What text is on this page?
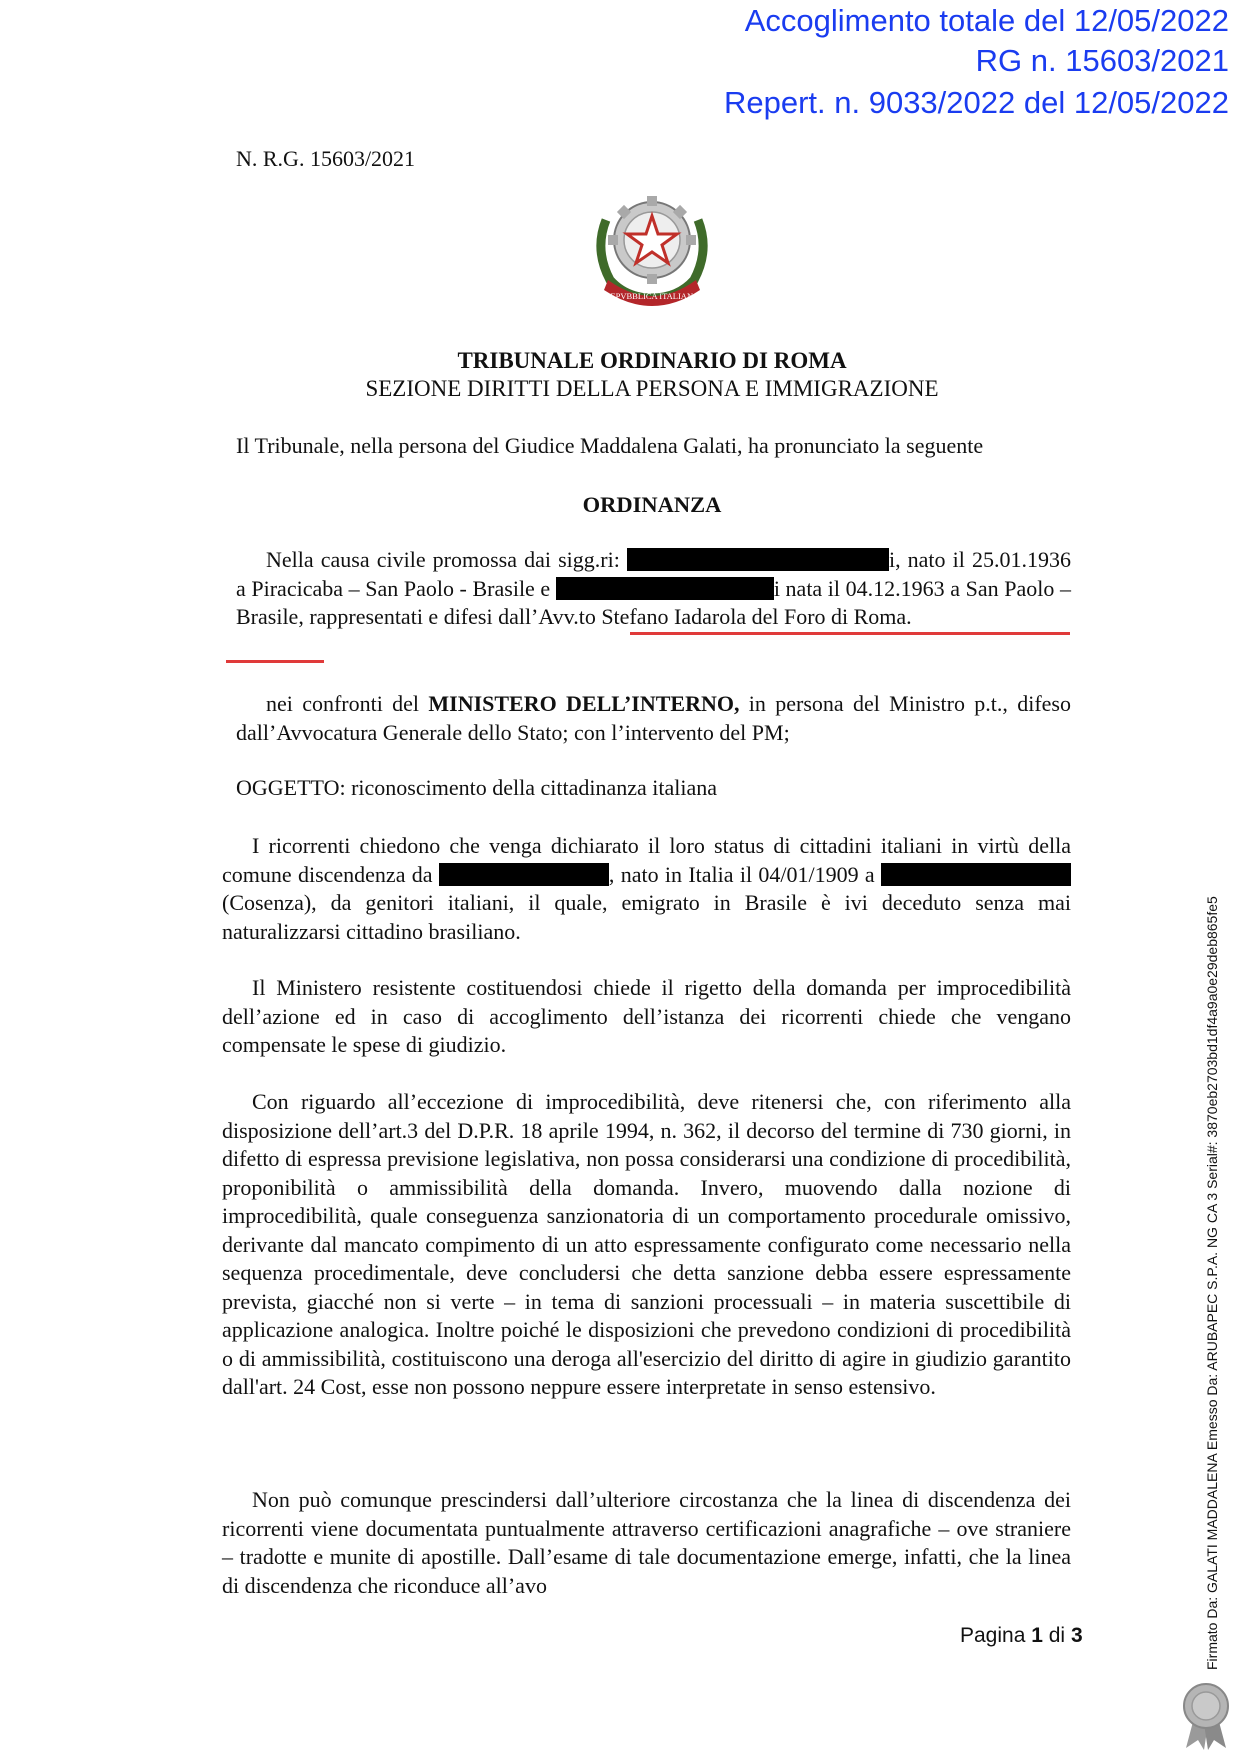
Accoglimento totale del 12/05/2022
RG n. 15603/2021
Repert. n. 9033/2022 del 12/05/2022
N. R.G. 15603/2021
REPVBBLICA ITALIANA
TRIBUNALE ORDINARIO DI ROMA
SEZIONE DIRITTI DELLA PERSONA E IMMIGRAZIONE
Il Tribunale, nella persona del Giudice Maddalena Galati, ha pronunciato la seguente
ORDINANZA
Nella causa civile promossa dai sigg.ri:	i, nato il 25.01.1936 a Piracicaba – San Paolo - Brasile e	i nata il 04.12.1963 a San Paolo – Brasile, rappresentati e difesi dall’Avv.to Stefano Iadarola del Foro di Roma.
nei confronti del MINISTERO DELL’INTERNO, in persona del Ministro p.t., difeso dall’Avvocatura Generale dello Stato; con l’intervento del PM;
OGGETTO: riconoscimento della cittadinanza italiana
I ricorrenti chiedono che venga dichiarato il loro status di cittadini italiani in virtù della comune discendenza da	, nato in Italia il 04/01/1909 a (Cosenza), da genitori italiani, il quale, emigrato in Brasile è ivi deceduto senza mai naturalizzarsi cittadino brasiliano.
Il Ministero resistente costituendosi chiede il rigetto della domanda per improcedibilità dell’azione ed in caso di accoglimento dell’istanza dei ricorrenti chiede che vengano compensate le spese di giudizio.
Con riguardo all’eccezione di improcedibilità, deve ritenersi che, con riferimento alla disposizione dell’art.3 del D.P.R. 18 aprile 1994, n. 362, il decorso del termine di 730 giorni, in difetto di espressa previsione legislativa, non possa considerarsi una condizione di procedibilità, proponibilità o ammissibilità della domanda. Invero, muovendo dalla nozione di improcedibilità, quale conseguenza sanzionatoria di un comportamento procedurale omissivo, derivante dal mancato compimento di un atto espressamente configurato come necessario nella sequenza procedimentale, deve concludersi che detta sanzione debba essere espressamente prevista, giacché non si verte – in tema di sanzioni processuali – in materia suscettibile di applicazione analogica. Inoltre poiché le disposizioni che prevedono condizioni di procedibilità o di ammissibilità, costituiscono una deroga all'esercizio del diritto di agire in giudizio garantito dall'art. 24 Cost, esse non possono neppure essere interpretate in senso estensivo.
Non può comunque prescindersi dall’ulteriore circostanza che la linea di discendenza dei ricorrenti viene documentata puntualmente attraverso certificazioni anagrafiche – ove straniere – tradotte e munite di apostille. Dall’esame di tale documentazione emerge, infatti, che la linea di discendenza che riconduce all’avo
Pagina 1 di 3	Firmato Da: GALATI MADDALENA Emesso Da: ARUBAPEC S.P.A. NG CA 3 Serial#: 3870eb2703bd1df4a9a0e29deb865fe5
